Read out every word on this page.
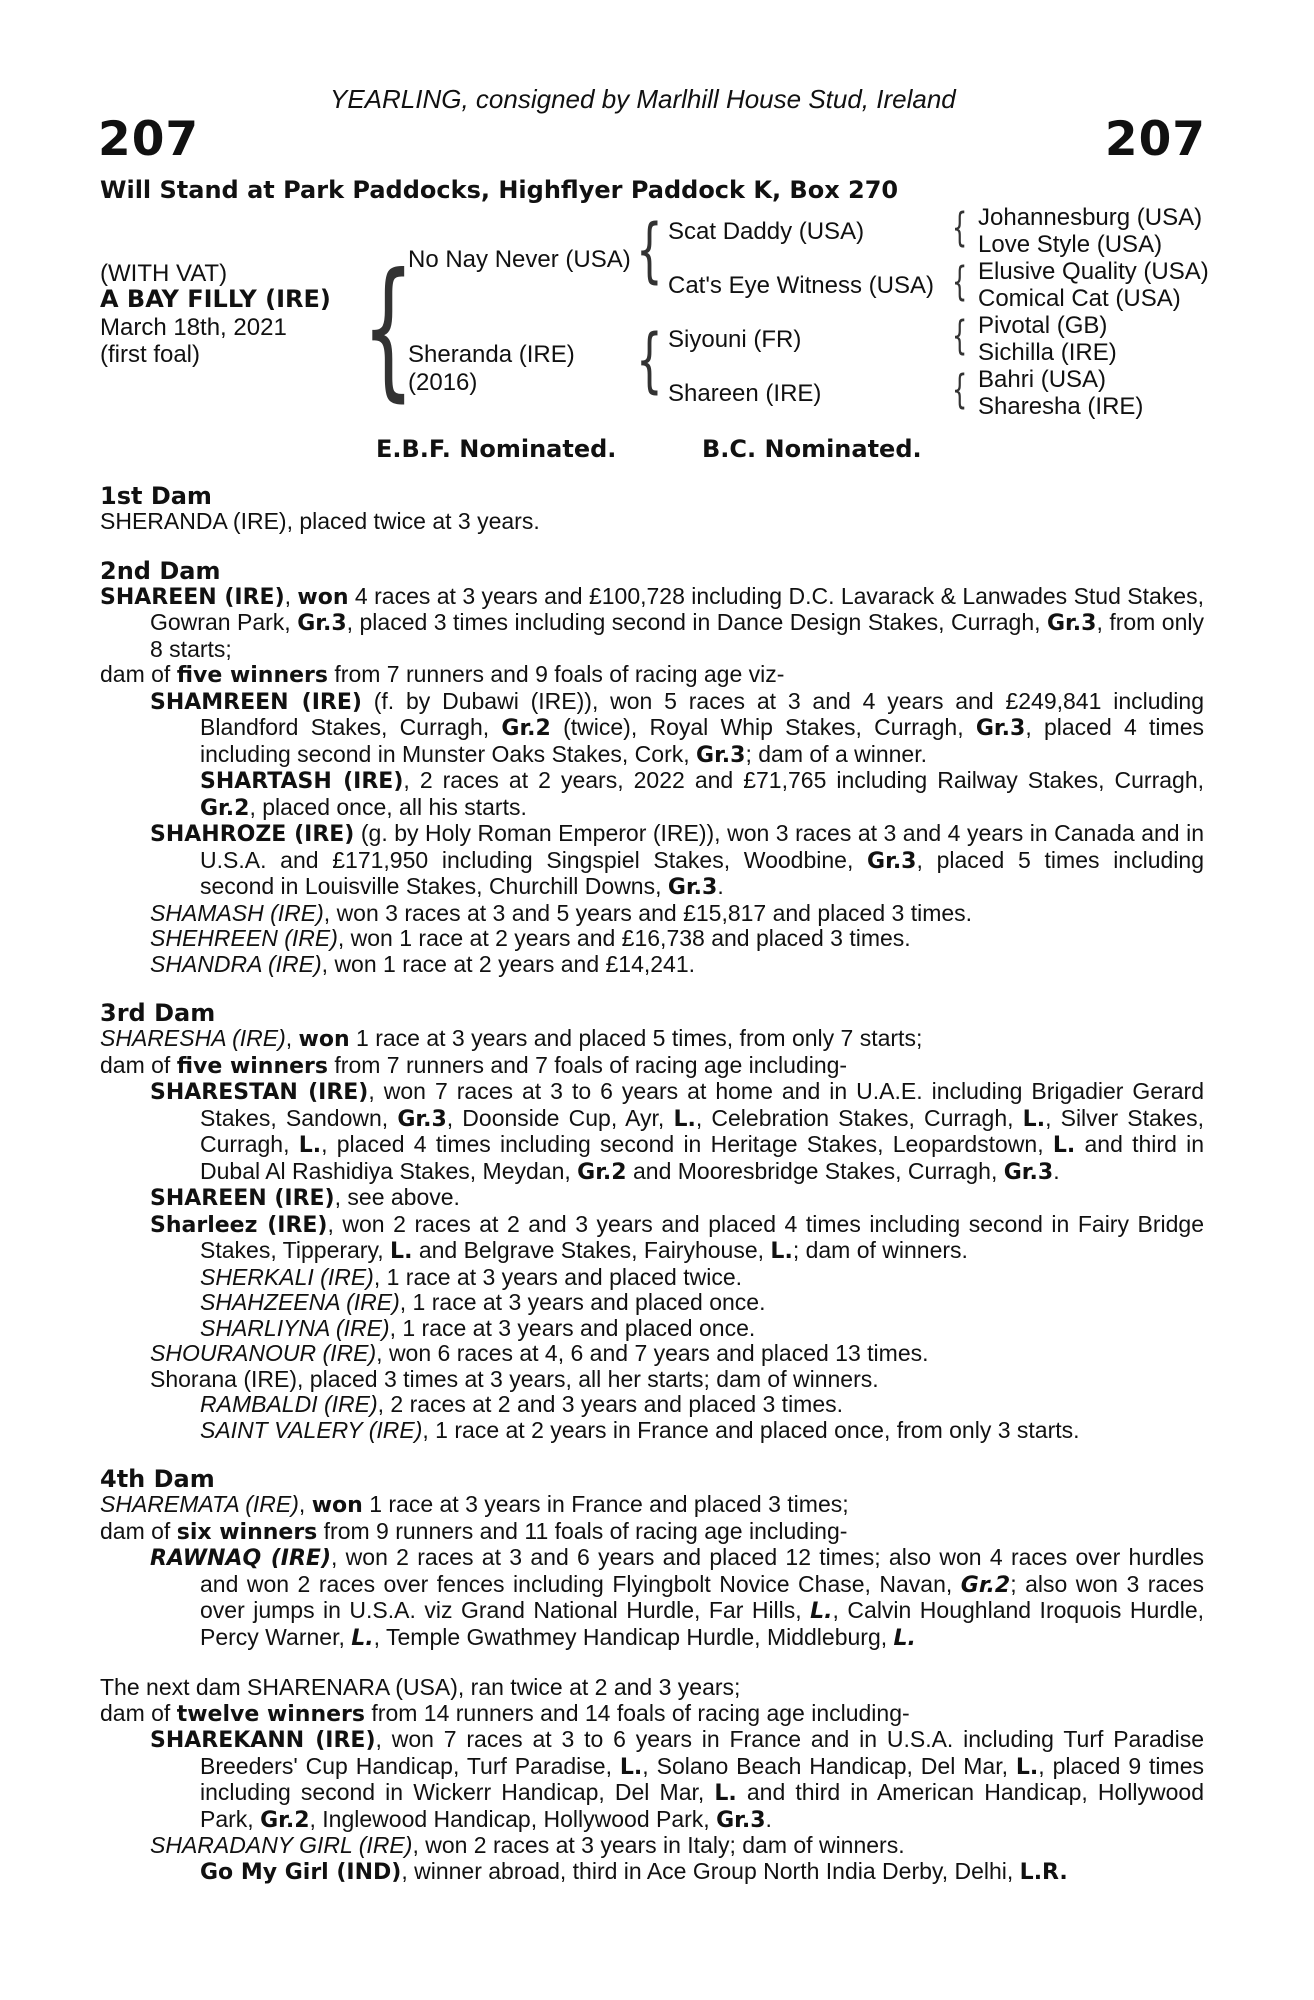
YEARLING, consigned by Marlhill House Stud, Ireland
207	207
Will Stand at Park Paddocks, Highflyer Paddock K, Box 270
(WITH VAT)
A BAY FILLY (IRE)
March 18th, 2021
(first foal) {
No Nay Never (USA)
Sheranda (IRE)
(2016)
{
{
Scat Daddy (USA)
Cat's Eye Witness (USA)
Siyouni (FR)
Shareen (IRE)
{
{
{
{
Johannesburg (USA)
Love Style (USA)
Elusive Quality (USA)
Comical Cat (USA)
Pivotal (GB)
Sichilla (IRE)
Bahri (USA)
Sharesha (IRE)
E.B.F. Nominated.	B.C. Nominated.
1st Dam

SHERANDA (IRE), placed twice at 3 years.

2nd Dam

SHAREEN (IRE), won 4 races at 3 years and £100,728 including D.C. Lavarack & Lanwades Stud Stakes, Gowran Park, Gr.3, placed 3 times including second in Dance Design Stakes, Curragh, Gr.3, from only 8 starts;

dam of five winners from 7 runners and 9 foals of racing age viz-

SHAMREEN (IRE) (f. by Dubawi (IRE)), won 5 races at 3 and 4 years and £249,841 including Blandford Stakes, Curragh, Gr.2 (twice), Royal Whip Stakes, Curragh, Gr.3, placed 4 times including second in Munster Oaks Stakes, Cork, Gr.3; dam of a winner.

SHARTASH (IRE), 2 races at 2 years, 2022 and £71,765 including Railway Stakes, Curragh, Gr.2, placed once, all his starts.

SHAHROZE (IRE) (g. by Holy Roman Emperor (IRE)), won 3 races at 3 and 4 years in Canada and in U.S.A. and £171,950 including Singspiel Stakes, Woodbine, Gr.3, placed 5 times including second in Louisville Stakes, Churchill Downs, Gr.3.

SHAMASH (IRE), won 3 races at 3 and 5 years and £15,817 and placed 3 times.

SHEHREEN (IRE), won 1 race at 2 years and £16,738 and placed 3 times.

SHANDRA (IRE), won 1 race at 2 years and £14,241.

3rd Dam

SHARESHA (IRE), won 1 race at 3 years and placed 5 times, from only 7 starts;

dam of five winners from 7 runners and 7 foals of racing age including-

SHARESTAN (IRE), won 7 races at 3 to 6 years at home and in U.A.E. including Brigadier Gerard Stakes, Sandown, Gr.3, Doonside Cup, Ayr, L., Celebration Stakes, Curragh, L., Silver Stakes, Curragh, L., placed 4 times including second in Heritage Stakes, Leopardstown, L. and third in Dubal Al Rashidiya Stakes, Meydan, Gr.2 and Mooresbridge Stakes, Curragh, Gr.3.

SHAREEN (IRE), see above.

Sharleez (IRE), won 2 races at 2 and 3 years and placed 4 times including second in Fairy Bridge Stakes, Tipperary, L. and Belgrave Stakes, Fairyhouse, L.; dam of winners.

SHERKALI (IRE), 1 race at 3 years and placed twice.

SHAHZEENA (IRE), 1 race at 3 years and placed once.

SHARLIYNA (IRE), 1 race at 3 years and placed once.

SHOURANOUR (IRE), won 6 races at 4, 6 and 7 years and placed 13 times.

Shorana (IRE), placed 3 times at 3 years, all her starts; dam of winners.

RAMBALDI (IRE), 2 races at 2 and 3 years and placed 3 times.

SAINT VALERY (IRE), 1 race at 2 years in France and placed once, from only 3 starts.

4th Dam

SHAREMATA (IRE), won 1 race at 3 years in France and placed 3 times;

dam of six winners from 9 runners and 11 foals of racing age including-

RAWNAQ (IRE), won 2 races at 3 and 6 years and placed 12 times; also won 4 races over hurdles and won 2 races over fences including Flyingbolt Novice Chase, Navan, Gr.2; also won 3 races over jumps in U.S.A. viz Grand National Hurdle, Far Hills, L., Calvin Houghland Iroquois Hurdle, Percy Warner, L., Temple Gwathmey Handicap Hurdle, Middleburg, L.

The next dam SHARENARA (USA), ran twice at 2 and 3 years;

dam of twelve winners from 14 runners and 14 foals of racing age including-

SHAREKANN (IRE), won 7 races at 3 to 6 years in France and in U.S.A. including Turf Paradise Breeders' Cup Handicap, Turf Paradise, L., Solano Beach Handicap, Del Mar, L., placed 9 times including second in Wickerr Handicap, Del Mar, L. and third in American Handicap, Hollywood Park, Gr.2, Inglewood Handicap, Hollywood Park, Gr.3.

SHARADANY GIRL (IRE), won 2 races at 3 years in Italy; dam of winners.

Go My Girl (IND), winner abroad, third in Ace Group North India Derby, Delhi, L.R.
